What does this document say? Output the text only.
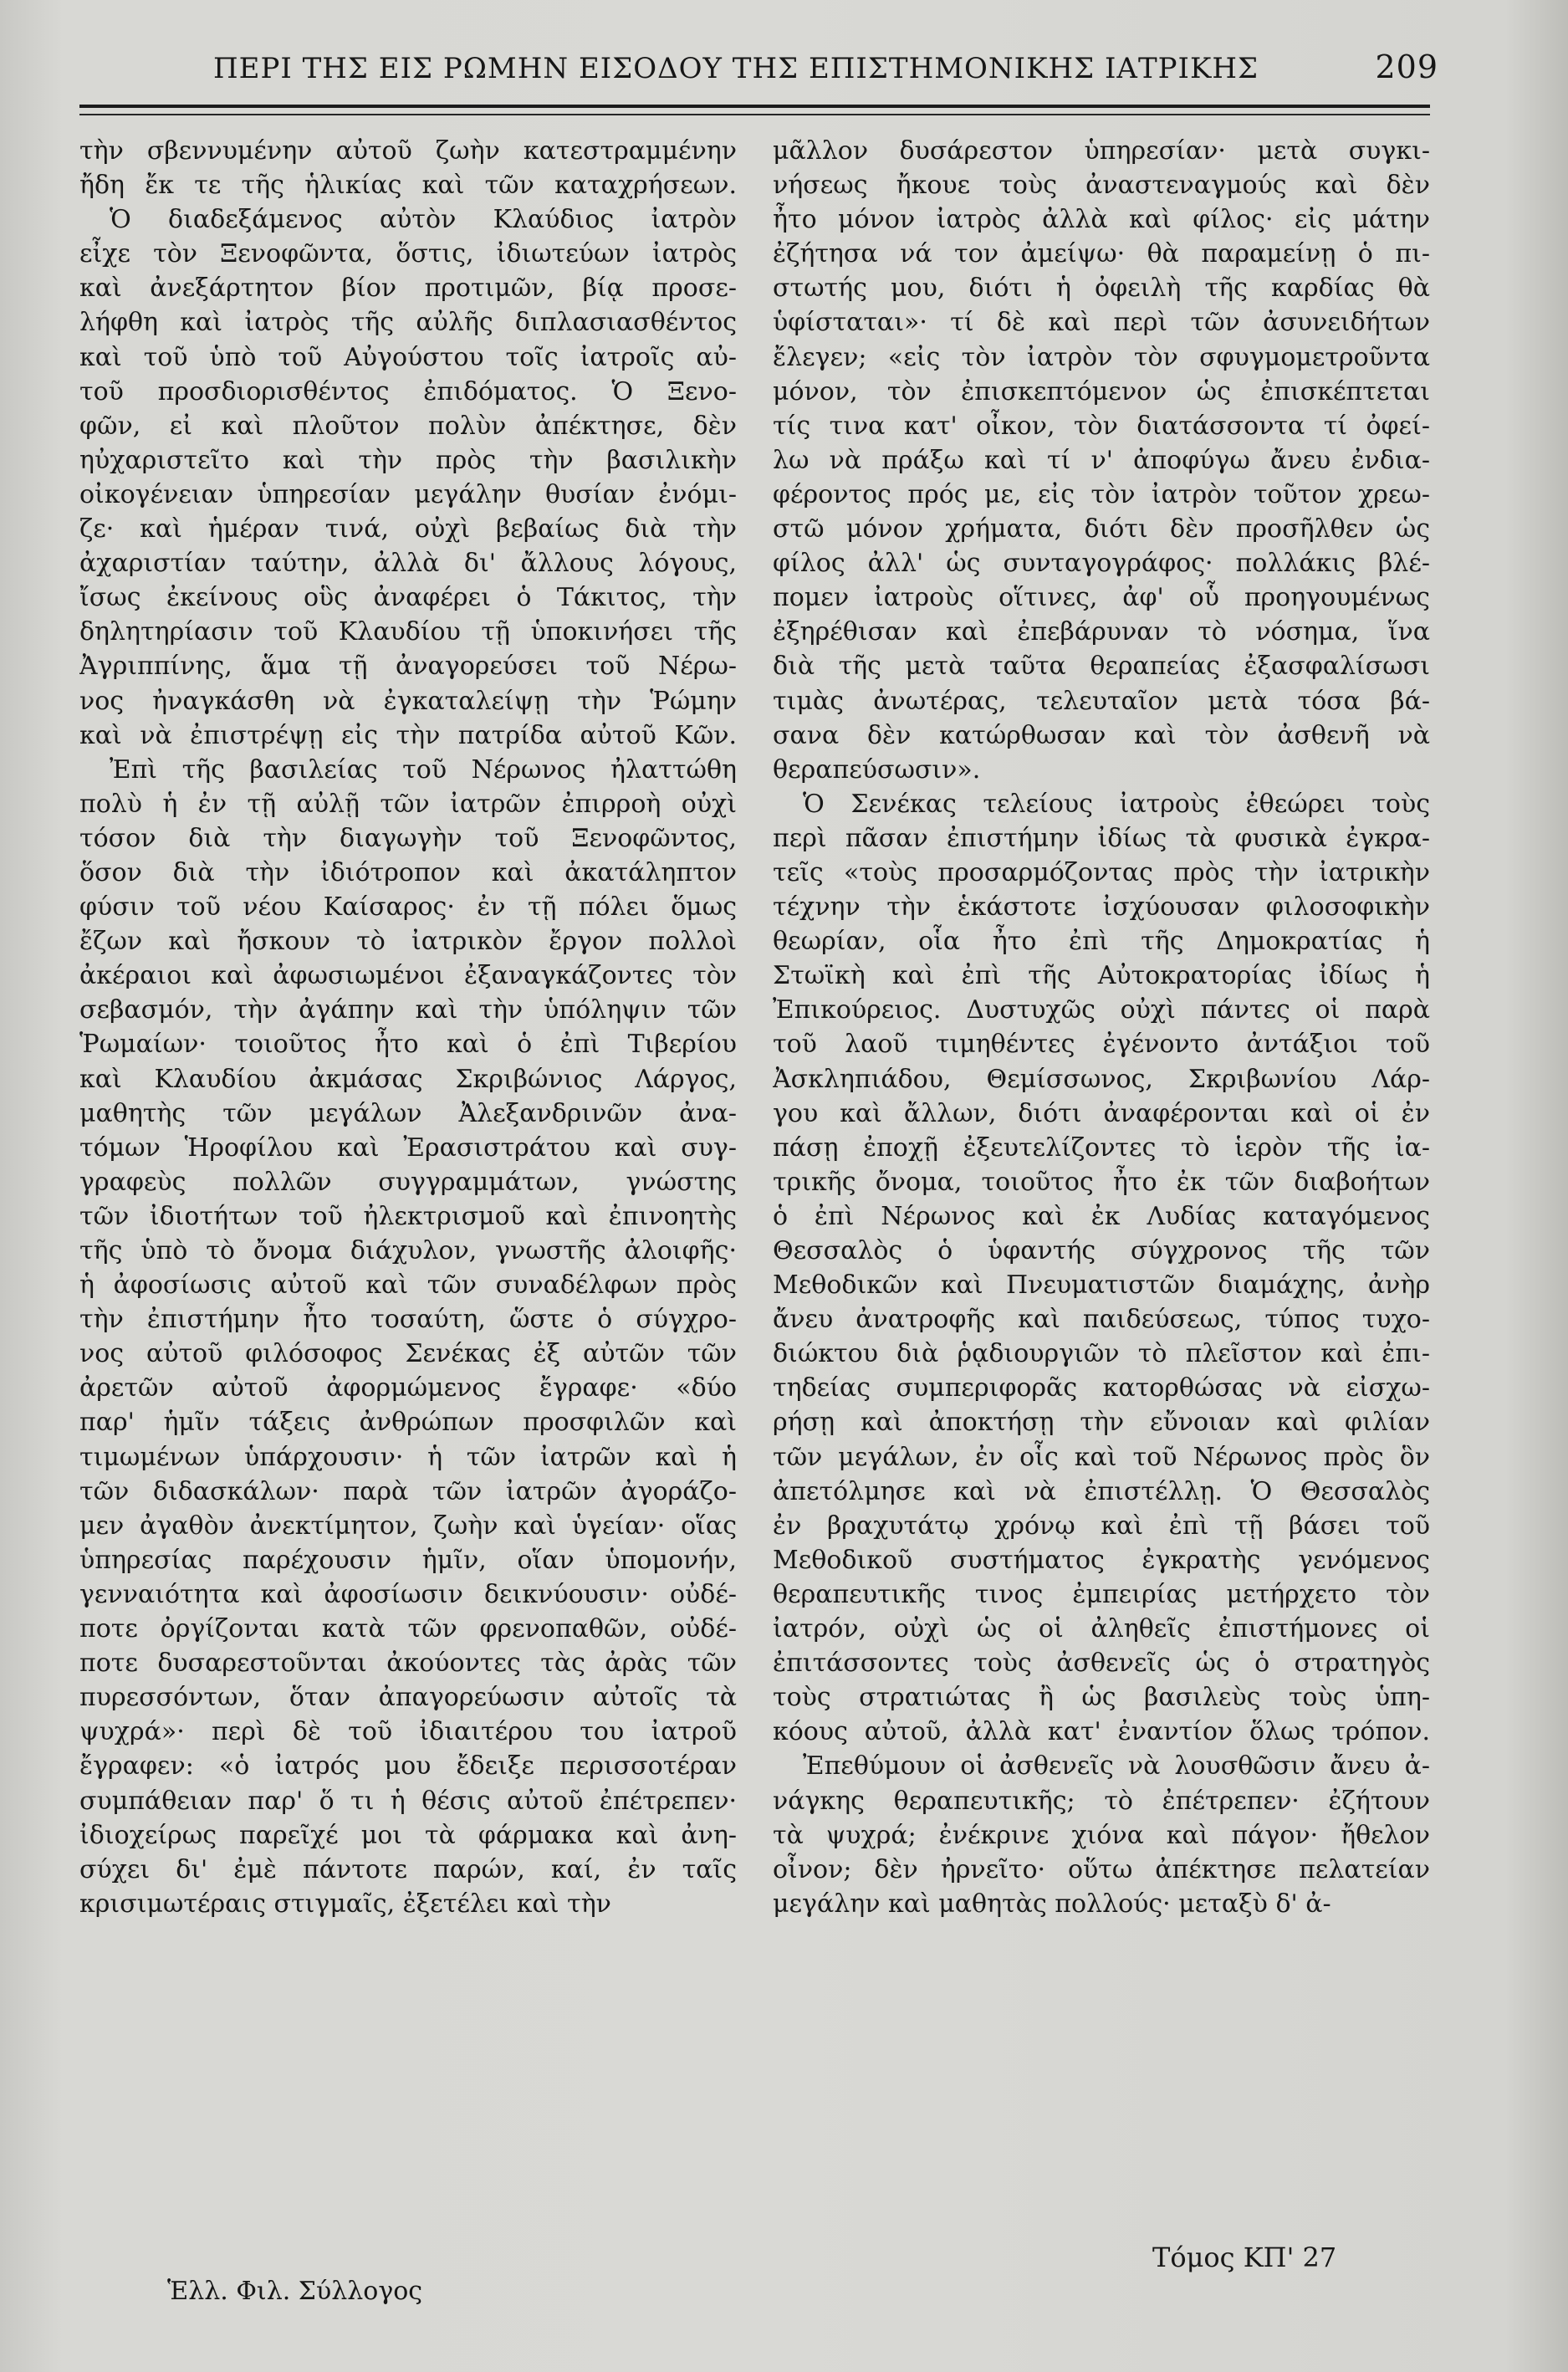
ΠΕΡΙ ΤΗΣ ΕΙΣ ΡΩΜΗΝ ΕΙΣΟΔΟΥ ΤΗΣ ΕΠΙΣΤΗΜΟΝΙΚΗΣ ΙΑΤΡΙΚΗΣ	209

τὴν σβεννυμένην αὐτοῦ ζωὴν κατεστραμμένην

ἤδη ἔκ τε τῆς ἡλικίας καὶ τῶν καταχρήσεων.

Ὁ διαδεξάμενος αὐτὸν Κλαύδιος ἰατρὸν

εἶχε τὸν Ξενοφῶντα, ὅστις, ἰδιωτεύων ἰατρὸς

καὶ ἀνεξάρτητον βίον προτιμῶν, βίᾳ προσε-

λήφθη καὶ ἰατρὸς τῆς αὐλῆς διπλασιασθέντος

καὶ τοῦ ὑπὸ τοῦ Αὐγούστου τοῖς ἰατροῖς αὐ-

τοῦ προσδιορισθέντος ἐπιδόματος. Ὁ Ξενο-

φῶν, εἰ καὶ πλοῦτον πολὺν ἀπέκτησε, δὲν

ηὐχαριστεῖτο καὶ τὴν πρὸς τὴν βασιλικὴν

οἰκογένειαν ὑπηρεσίαν μεγάλην θυσίαν ἐνόμι-

ζε· καὶ ἡμέραν τινά, οὐχὶ βεβαίως διὰ τὴν

ἀχαριστίαν ταύτην, ἀλλὰ δι' ἄλλους λόγους,

ἴσως ἐκείνους οὓς ἀναφέρει ὁ Τάκιτος, τὴν

δηλητηρίασιν τοῦ Κλαυδίου τῇ ὑποκινήσει τῆς

Ἀγριππίνης, ἅμα τῇ ἀναγορεύσει τοῦ Νέρω-

νος ἠναγκάσθη νὰ ἐγκαταλείψῃ τὴν Ῥώμην

καὶ νὰ ἐπιστρέψῃ εἰς τὴν πατρίδα αὐτοῦ Κῶν.

Ἐπὶ τῆς βασιλείας τοῦ Νέρωνος ἠλαττώθη

πολὺ ἡ ἐν τῇ αὐλῇ τῶν ἰατρῶν ἐπιρροὴ οὐχὶ

τόσον διὰ τὴν διαγωγὴν τοῦ Ξενοφῶντος,

ὅσον διὰ τὴν ἰδιότροπον καὶ ἀκατάληπτον

φύσιν τοῦ νέου Καίσαρος· ἐν τῇ πόλει ὅμως

ἔζων καὶ ἤσκουν τὸ ἰατρικὸν ἔργον πολλοὶ

ἀκέραιοι καὶ ἀφωσιωμένοι ἐξαναγκάζοντες τὸν

σεβασμόν, τὴν ἀγάπην καὶ τὴν ὑπόληψιν τῶν

Ῥωμαίων· τοιοῦτος ἦτο καὶ ὁ ἐπὶ Τιβερίου

καὶ Κλαυδίου ἀκμάσας Σκριβώνιος Λάργος,

μαθητὴς τῶν μεγάλων Ἀλεξανδρινῶν ἀνα-

τόμων Ἡροφίλου καὶ Ἐρασιστράτου καὶ συγ-

γραφεὺς πολλῶν συγγραμμάτων, γνώστης

τῶν ἰδιοτήτων τοῦ ἠλεκτρισμοῦ καὶ ἐπινοητὴς

τῆς ὑπὸ τὸ ὄνομα διάχυλον, γνωστῆς ἀλοιφῆς·

ἡ ἀφοσίωσις αὐτοῦ καὶ τῶν συναδέλφων πρὸς

τὴν ἐπιστήμην ἦτο τοσαύτη, ὥστε ὁ σύγχρο-

νος αὐτοῦ φιλόσοφος Σενέκας ἐξ αὐτῶν τῶν

ἀρετῶν αὐτοῦ ἀφορμώμενος ἔγραφε· «δύο

παρ' ἡμῖν τάξεις ἀνθρώπων προσφιλῶν καὶ

τιμωμένων ὑπάρχουσιν· ἡ τῶν ἰατρῶν καὶ ἡ

τῶν διδασκάλων· παρὰ τῶν ἰατρῶν ἀγοράζο-

μεν ἀγαθὸν ἀνεκτίμητον, ζωὴν καὶ ὑγείαν· οἵας

ὑπηρεσίας παρέχουσιν ἡμῖν, οἵαν ὑπομονήν,

γενναιότητα καὶ ἀφοσίωσιν δεικνύουσιν· οὐδέ-

ποτε ὀργίζονται κατὰ τῶν φρενοπαθῶν, οὐδέ-

ποτε δυσαρεστοῦνται ἀκούοντες τὰς ἀρὰς τῶν

πυρεσσόντων, ὅταν ἀπαγορεύωσιν αὐτοῖς τὰ

ψυχρά»· περὶ δὲ τοῦ ἰδιαιτέρου του ἰατροῦ

ἔγραφεν: «ὁ ἰατρός μου ἔδειξε περισσοτέραν

συμπάθειαν παρ' ὅ τι ἡ θέσις αὐτοῦ ἐπέτρεπεν·

ἰδιοχείρως παρεῖχέ μοι τὰ φάρμακα καὶ ἀνη-

σύχει δι' ἐμὲ πάντοτε παρών, καί, ἐν ταῖς

κρισιμωτέραις στιγμαῖς, ἐξετέλει καὶ τὴν

μᾶλλον δυσάρεστον ὑπηρεσίαν· μετὰ συγκι-

νήσεως ἤκουε τοὺς ἀναστεναγμούς καὶ δὲν

ἦτο μόνον ἰατρὸς ἀλλὰ καὶ φίλος· εἰς μάτην

ἐζήτησα νά τον ἀμείψω· θὰ παραμείνῃ ὁ πι-

στωτής μου, διότι ἡ ὀφειλὴ τῆς καρδίας θὰ

ὑφίσταται»· τί δὲ καὶ περὶ τῶν ἀσυνειδήτων

ἔλεγεν; «εἰς τὸν ἰατρὸν τὸν σφυγμομετροῦντα

μόνον, τὸν ἐπισκεπτόμενον ὡς ἐπισκέπτεται

τίς τινα κατ' οἶκον, τὸν διατάσσοντα τί ὀφεί-

λω νὰ πράξω καὶ τί ν' ἀποφύγω ἄνευ ἐνδια-

φέροντος πρός με, εἰς τὸν ἰατρὸν τοῦτον χρεω-

στῶ μόνον χρήματα, διότι δὲν προσῆλθεν ὡς

φίλος ἀλλ' ὡς συνταγογράφος· πολλάκις βλέ-

πομεν ἰατροὺς οἵτινες, ἀφ' οὗ προηγουμένως

ἐξηρέθισαν καὶ ἐπεβάρυναν τὸ νόσημα, ἵνα

διὰ τῆς μετὰ ταῦτα θεραπείας ἐξασφαλίσωσι

τιμὰς ἀνωτέρας, τελευταῖον μετὰ τόσα βά-

σανα δὲν κατώρθωσαν καὶ τὸν ἀσθενῆ νὰ

θεραπεύσωσιν».

Ὁ Σενέκας τελείους ἰατροὺς ἐθεώρει τοὺς

περὶ πᾶσαν ἐπιστήμην ἰδίως τὰ φυσικὰ ἐγκρα-

τεῖς «τοὺς προσαρμόζοντας πρὸς τὴν ἰατρικὴν

τέχνην τὴν ἑκάστοτε ἰσχύουσαν φιλοσοφικὴν

θεωρίαν, οἷα ἦτο ἐπὶ τῆς Δημοκρατίας ἡ

Στωϊκὴ καὶ ἐπὶ τῆς Αὐτοκρατορίας ἰδίως ἡ

Ἐπικούρειος. Δυστυχῶς οὐχὶ πάντες οἱ παρὰ

τοῦ λαοῦ τιμηθέντες ἐγένοντο ἀντάξιοι τοῦ

Ἀσκληπιάδου, Θεμίσσωνος, Σκριβωνίου Λάρ-

γου καὶ ἄλλων, διότι ἀναφέρονται καὶ οἱ ἐν

πάσῃ ἐποχῇ ἐξευτελίζοντες τὸ ἱερὸν τῆς ἰα-

τρικῆς ὄνομα, τοιοῦτος ἦτο ἐκ τῶν διαβοήτων

ὁ ἐπὶ Νέρωνος καὶ ἐκ Λυδίας καταγόμενος

Θεσσαλὸς ὁ ὑφαντής σύγχρονος τῆς τῶν

Μεθοδικῶν καὶ Πνευματιστῶν διαμάχης, ἀνὴρ

ἄνευ ἀνατροφῆς καὶ παιδεύσεως, τύπος τυχο-

διώκτου διὰ ῥᾳδιουργιῶν τὸ πλεῖστον καὶ ἐπι-

τηδείας συμπεριφορᾶς κατορθώσας νὰ εἰσχω-

ρήσῃ καὶ ἀποκτήσῃ τὴν εὔνοιαν καὶ φιλίαν

τῶν μεγάλων, ἐν οἷς καὶ τοῦ Νέρωνος πρὸς ὃν

ἀπετόλμησε καὶ νὰ ἐπιστέλλῃ. Ὁ Θεσσαλὸς

ἐν βραχυτάτῳ χρόνῳ καὶ ἐπὶ τῇ βάσει τοῦ

Μεθοδικοῦ συστήματος ἐγκρατὴς γενόμενος

θεραπευτικῆς τινος ἐμπειρίας μετήρχετο τὸν

ἰατρόν, οὐχὶ ὡς οἱ ἀληθεῖς ἐπιστήμονες οἱ

ἐπιτάσσοντες τοὺς ἀσθενεῖς ὡς ὁ στρατηγὸς

τοὺς στρατιώτας ἢ ὡς βασιλεὺς τοὺς ὑπη-

κόους αὐτοῦ, ἀλλὰ κατ' ἐναντίον ὅλως τρόπον.

Ἐπεθύμουν οἱ ἀσθενεῖς νὰ λουσθῶσιν ἄνευ ἀ-

νάγκης θεραπευτικῆς; τὸ ἐπέτρεπεν· ἐζήτουν

τὰ ψυχρά; ἐνέκρινε χιόνα καὶ πάγον· ἤθελον

οἶνον; δὲν ἠρνεῖτο· οὕτω ἀπέκτησε πελατείαν

μεγάλην καὶ μαθητὰς πολλούς· μεταξὺ δ' ἀ-

Ἑλλ. Φιλ. Σύλλογος
Τόμος ΚΠ' 27
